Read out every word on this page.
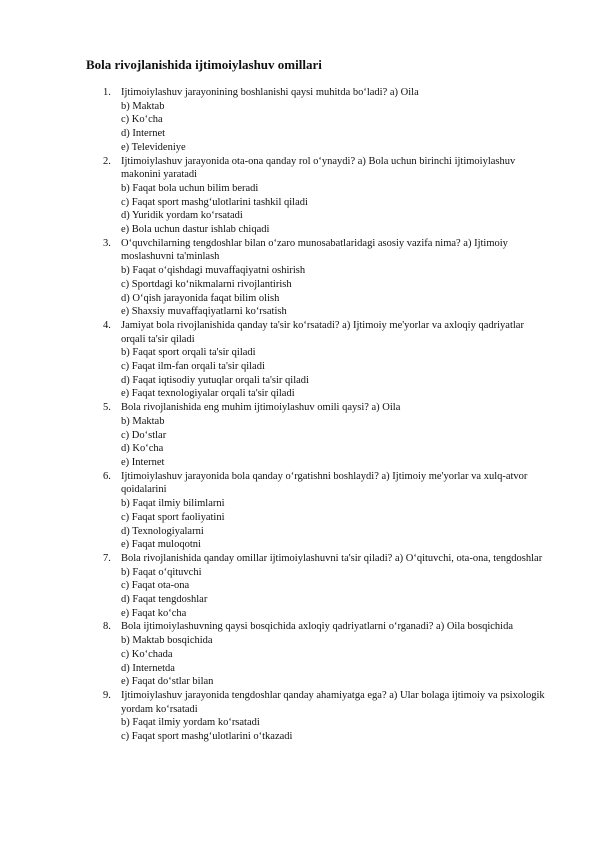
Bola rivojlanishida ijtimoiylashuv omillari
1. Ijtimoiylashuv jarayonining boshlanishi qaysi muhitda bo‘ladi? a) Oila
b) Maktab
c) Ko‘cha
d) Internet
e) Televideniye
2. Ijtimoiylashuv jarayonida ota-ona qanday rol o‘ynaydi? a) Bola uchun birinchi ijtimoiylashuv makonini yaratadi
b) Faqat bola uchun bilim beradi
c) Faqat sport mashg‘ulotlarini tashkil qiladi
d) Yuridik yordam ko‘rsatadi
e) Bola uchun dastur ishlab chiqadi
3. O‘quvchilarning tengdoshlar bilan o‘zaro munosabatlaridagi asosiy vazifa nima? a) Ijtimoiy moslashuvni ta'minlash
b) Faqat o‘qishdagi muvaffaqiyatni oshirish
c) Sportdagi ko‘nikmalarni rivojlantirish
d) O‘qish jarayonida faqat bilim olish
e) Shaxsiy muvaffaqiyatlarni ko‘rsatish
4. Jamiyat bola rivojlanishida qanday ta'sir ko‘rsatadi? a) Ijtimoiy me'yorlar va axloqiy qadriyatlar orqali ta'sir qiladi
b) Faqat sport orqali ta'sir qiladi
c) Faqat ilm-fan orqali ta'sir qiladi
d) Faqat iqtisodiy yutuqlar orqali ta'sir qiladi
e) Faqat texnologiyalar orqali ta'sir qiladi
5. Bola rivojlanishida eng muhim ijtimoiylashuv omili qaysi? a) Oila
b) Maktab
c) Do‘stlar
d) Ko‘cha
e) Internet
6. Ijtimoiylashuv jarayonida bola qanday o‘rgatishni boshlaydi? a) Ijtimoiy me'yorlar va xulq-atvor qoidalarini
b) Faqat ilmiy bilimlarni
c) Faqat sport faoliyatini
d) Texnologiyalarni
e) Faqat muloqotni
7. Bola rivojlanishida qanday omillar ijtimoiylashuvni ta'sir qiladi? a) O‘qituvchi, ota-ona, tengdoshlar
b) Faqat o‘qituvchi
c) Faqat ota-ona
d) Faqat tengdoshlar
e) Faqat ko‘cha
8. Bola ijtimoiylashuvning qaysi bosqichida axloqiy qadriyatlarni o‘rganadi? a) Oila bosqichida
b) Maktab bosqichida
c) Ko‘chada
d) Internetda
e) Faqat do‘stlar bilan
9. Ijtimoiylashuv jarayonida tengdoshlar qanday ahamiyatga ega? a) Ular bolaga ijtimoiy va psixologik yordam ko‘rsatadi
b) Faqat ilmiy yordam ko‘rsatadi
c) Faqat sport mashg‘ulotlarini o‘tkazadi
